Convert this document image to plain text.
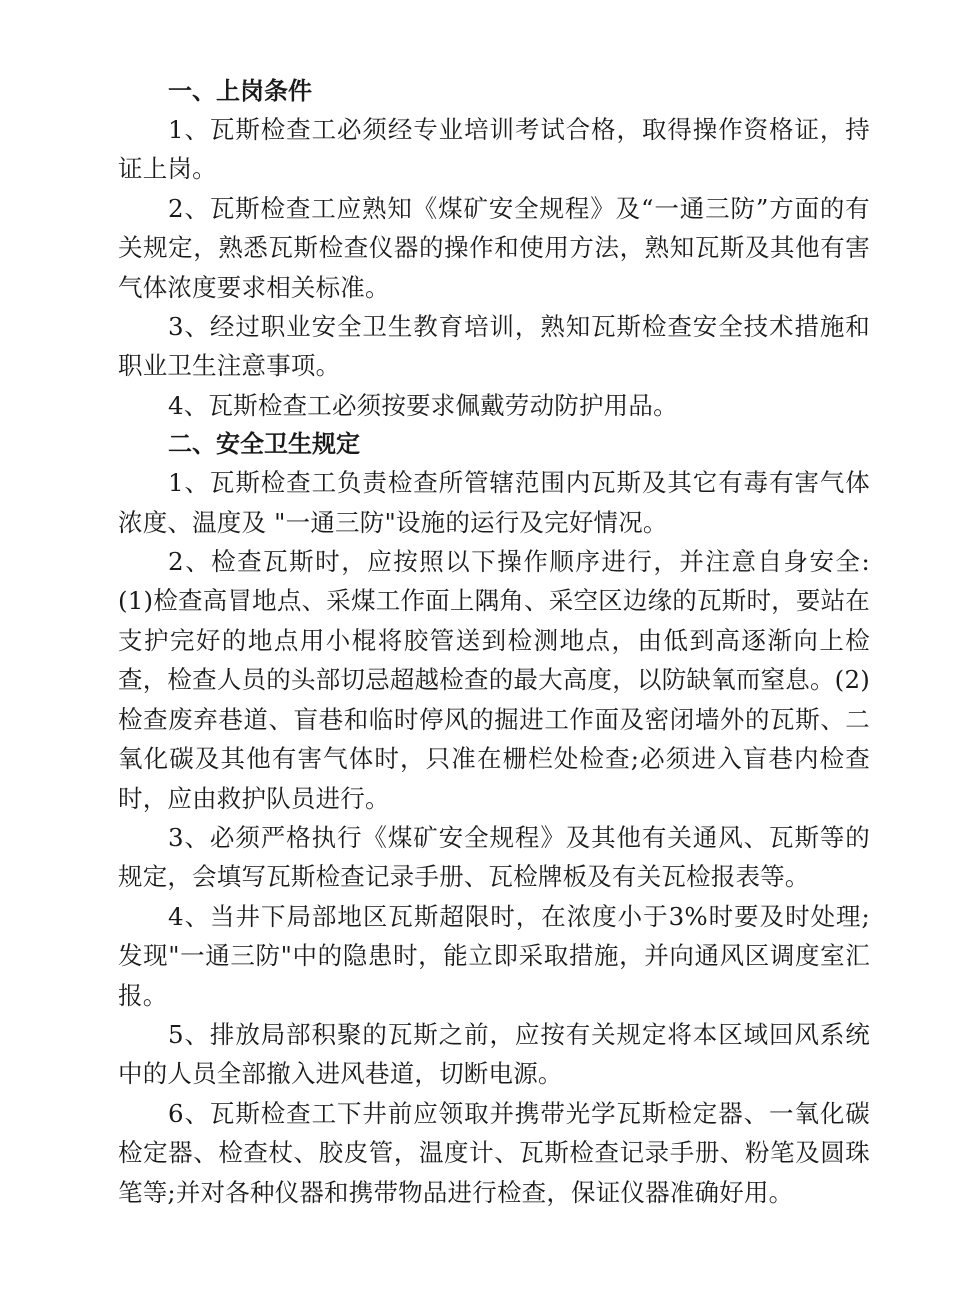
一、上岗条件

1、瓦斯检查工必须经专业培训考试合格，取得操作资格证，持证上岗。

2、瓦斯检查工应熟知《煤矿安全规程》及“一通三防”方面的有关规定，熟悉瓦斯检查仪器的操作和使用方法，熟知瓦斯及其他有害气体浓度要求相关标准。

3、经过职业安全卫生教育培训，熟知瓦斯检查安全技术措施和职业卫生注意事项。

4、瓦斯检查工必须按要求佩戴劳动防护用品。

二、安全卫生规定

1、瓦斯检查工负责检查所管辖范围内瓦斯及其它有毒有害气体浓度、温度及 "一通三防"设施的运行及完好情况。

2、检查瓦斯时，应按照以下操作顺序进行，并注意自身安全: (1)检查高冒地点、采煤工作面上隅角、采空区边缘的瓦斯时，要站在支护完好的地点用小棍将胶管送到检测地点，由低到高逐渐向上检查，检查人员的头部切忌超越检查的最大高度，以防缺氧而窒息。(2)检查废弃巷道、盲巷和临时停风的掘进工作面及密闭墙外的瓦斯、二氧化碳及其他有害气体时，只准在栅栏处检查;必须进入盲巷内检查时，应由救护队员进行。

3、必须严格执行《煤矿安全规程》及其他有关通风、瓦斯等的规定，会填写瓦斯检查记录手册、瓦检牌板及有关瓦检报表等。

4、当井下局部地区瓦斯超限时，在浓度小于3%时要及时处理;发现"一通三防"中的隐患时，能立即采取措施，并向通风区调度室汇报。

5、排放局部积聚的瓦斯之前，应按有关规定将本区域回风系统中的人员全部撤入进风巷道，切断电源。

6、瓦斯检查工下井前应领取并携带光学瓦斯检定器、一氧化碳检定器、检查杖、胶皮管，温度计、瓦斯检查记录手册、粉笔及圆珠笔等;并对各种仪器和携带物品进行检查，保证仪器准确好用。
